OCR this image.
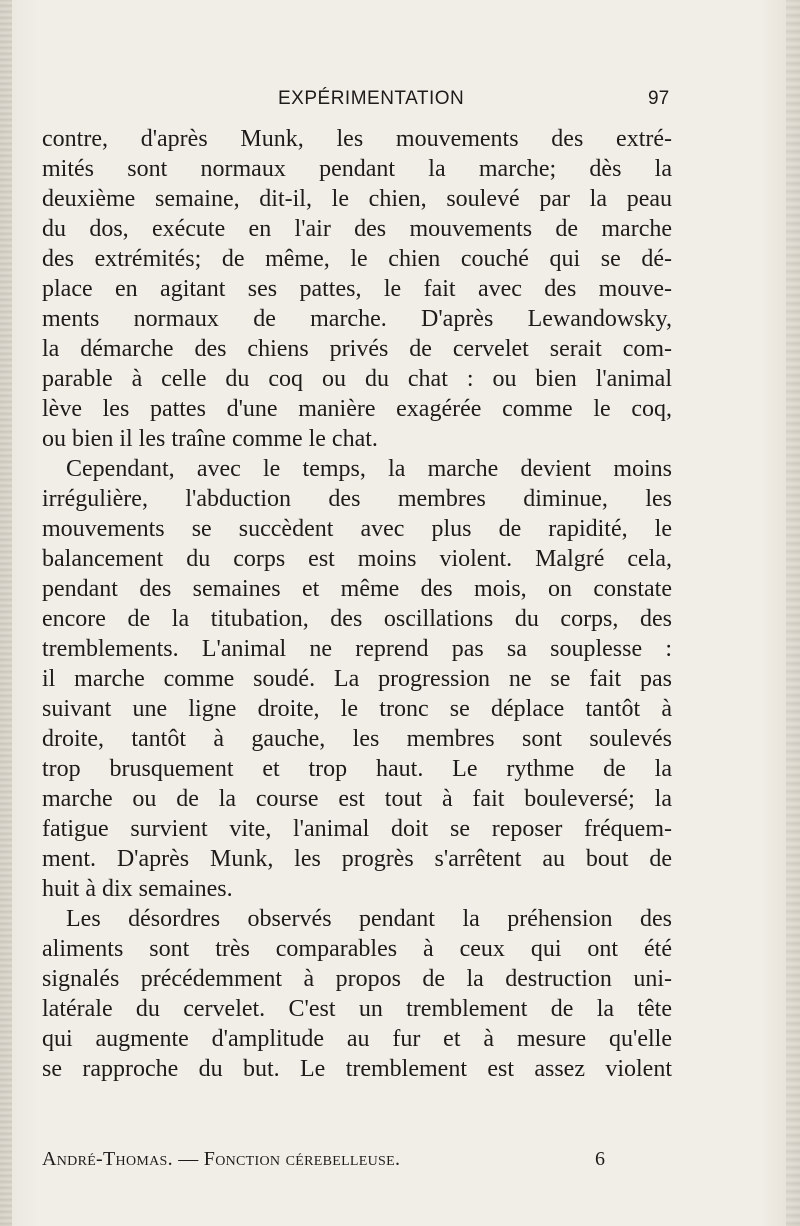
EXPÉRIMENTATION	97
contre, d'après Munk, les mouvements des extré-
mités sont normaux pendant la marche; dès la
deuxième semaine, dit-il, le chien, soulevé par la peau
du dos, exécute en l'air des mouvements de marche
des extrémités; de même, le chien couché qui se dé-
place en agitant ses pattes, le fait avec des mouve-
ments normaux de marche. D'après Lewandowsky,
la démarche des chiens privés de cervelet serait com-
parable à celle du coq ou du chat : ou bien l'animal
lève les pattes d'une manière exagérée comme le coq,
ou bien il les traîne comme le chat.
Cependant, avec le temps, la marche devient moins
irrégulière, l'abduction des membres diminue, les
mouvements se succèdent avec plus de rapidité, le
balancement du corps est moins violent. Malgré cela,
pendant des semaines et même des mois, on constate
encore de la titubation, des oscillations du corps, des
tremblements. L'animal ne reprend pas sa souplesse :
il marche comme soudé. La progression ne se fait pas
suivant une ligne droite, le tronc se déplace tantôt à
droite, tantôt à gauche, les membres sont soulevés
trop brusquement et trop haut. Le rythme de la
marche ou de la course est tout à fait bouleversé; la
fatigue survient vite, l'animal doit se reposer fréquem-
ment. D'après Munk, les progrès s'arrêtent au bout de
huit à dix semaines.
Les désordres observés pendant la préhension des
aliments sont très comparables à ceux qui ont été
signalés précédemment à propos de la destruction uni-
latérale du cervelet. C'est un tremblement de la tête
qui augmente d'amplitude au fur et à mesure qu'elle
se rapproche du but. Le tremblement est assez violent
André-Thomas. — Fonction cérebelleuse.	6
